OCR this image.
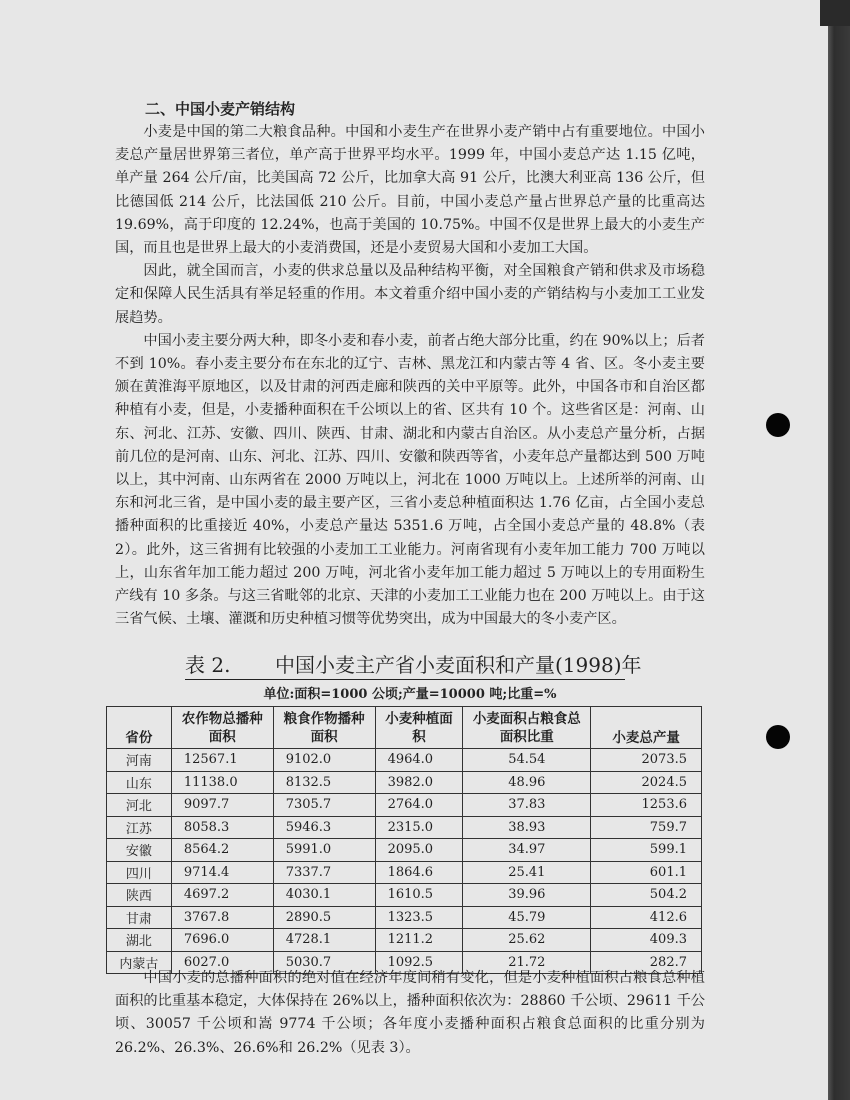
二、中国小麦产销结构

小麦是中国的第二大粮食品种。中国和小麦生产在世界小麦产销中占有重要地位。中国小麦总产量居世界第三者位，单产高于世界平均水平。1999 年，中国小麦总产达 1.15 亿吨，单产量 264 公斤/亩，比美国高 72 公斤，比加拿大高 91 公斤，比澳大利亚高 136 公斤，但比德国低 214 公斤，比法国低 210 公斤。目前，中国小麦总产量占世界总产量的比重高达 19.69%，高于印度的 12.24%，也高于美国的 10.75%。中国不仅是世界上最大的小麦生产国，而且也是世界上最大的小麦消费国，还是小麦贸易大国和小麦加工大国。

因此，就全国而言，小麦的供求总量以及品种结构平衡，对全国粮食产销和供求及市场稳定和保障人民生活具有举足轻重的作用。本文着重介绍中国小麦的产销结构与小麦加工工业发展趋势。

中国小麦主要分两大种，即冬小麦和春小麦，前者占绝大部分比重，约在 90%以上；后者不到 10%。春小麦主要分布在东北的辽宁、吉林、黑龙江和内蒙古等 4 省、区。冬小麦主要颁在黄淮海平原地区，以及甘肃的河西走廊和陕西的关中平原等。此外，中国各市和自治区都种植有小麦，但是，小麦播种面积在千公顷以上的省、区共有 10 个。这些省区是：河南、山东、河北、江苏、安徽、四川、陕西、甘肃、湖北和内蒙古自治区。从小麦总产量分析，占据前几位的是河南、山东、河北、江苏、四川、安徽和陕西等省，小麦年总产量都达到 500 万吨以上，其中河南、山东两省在 2000 万吨以上，河北在 1000 万吨以上。上述所举的河南、山东和河北三省，是中国小麦的最主要产区，三省小麦总种植面积达 1.76 亿亩，占全国小麦总播种面积的比重接近 40%，小麦总产量达 5351.6 万吨，占全国小麦总产量的 48.8%（表 2）。此外，这三省拥有比较强的小麦加工工业能力。河南省现有小麦年加工能力 700 万吨以上，山东省年加工能力超过 200 万吨，河北省小麦年加工能力超过 5 万吨以上的专用面粉生产线有 10 多条。与这三省毗邻的北京、天津的小麦加工工业能力也在 200 万吨以上。由于这三省气候、土壤、灌溉和历史种植习惯等优势突出，成为中国最大的冬小麦产区。

表 2. 中国小麦主产省小麦面积和产量(1998)年
单位:面积=1000 公顷;产量=10000 吨;比重=%
省份	农作物总播种面积	粮食作物播种面积	小麦种植面积	小麦面积占粮食总面积比重	小麦总产量
河南	12567.1	9102.0	4964.0	54.54	2073.5
山东	11138.0	8132.5	3982.0	48.96	2024.5
河北	9097.7	7305.7	2764.0	37.83	1253.6
江苏	8058.3	5946.3	2315.0	38.93	759.7
安徽	8564.2	5991.0	2095.0	34.97	599.1
四川	9714.4	7337.7	1864.6	25.41	601.1
陕西	4697.2	4030.1	1610.5	39.96	504.2
甘肃	3767.8	2890.5	1323.5	45.79	412.6
湖北	7696.0	4728.1	1211.2	25.62	409.3
内蒙古	6027.0	5030.7	1092.5	21.72	282.7

中国小麦的总播种面积的绝对值在经济年度间稍有变化，但是小麦种植面积占粮食总种植面积的比重基本稳定，大体保持在 26%以上，播种面积依次为：28860 千公顷、29611 千公顷、30057 千公顷和嵩 9774 千公顷；各年度小麦播种面积占粮食总面积的比重分别为 26.2%、26.3%、26.6%和 26.2%（见表 3）。
